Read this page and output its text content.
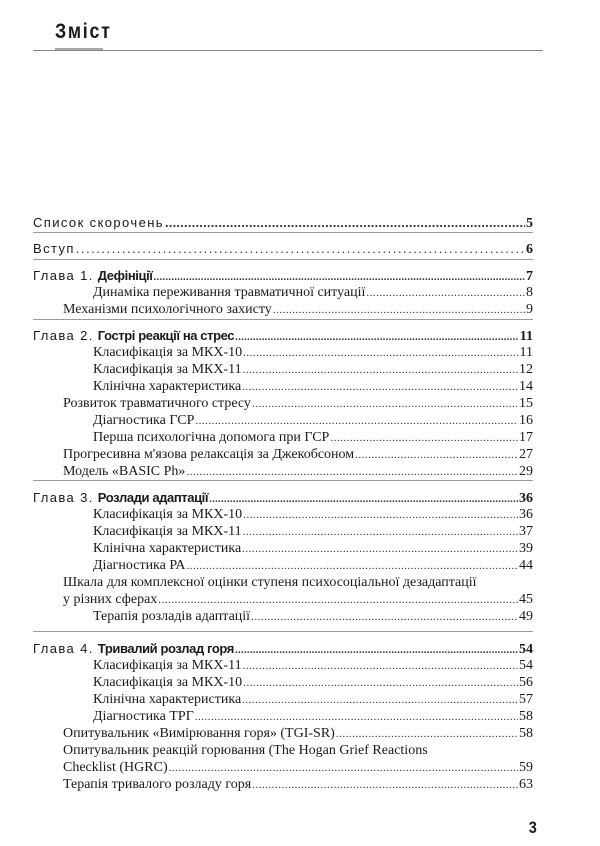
Зміст
Список скорочень .....	5
Вступ .....	6
Глава 1. Дефініції .....	7
Динаміка переживання травматичної ситуації .....	8
Механізми психологічного захисту .....	9
Глава 2. Гострі реакції на стрес .....	11
Класифікація за МКХ-10 .....	11
Класифікація за МКХ-11 .....	12
Клінічна характеристика .....	14
Розвиток травматичного стресу .....	15
Діагностика ГСР .....	16
Перша психологічна допомога при ГСР .....	17
Прогресивна м'язова релаксація за Джекобсоном .....	27
Модель «BASIC Ph» .....	29
Глава 3. Розлади адаптації .....	36
Класифікація за МКХ-10 .....	36
Класифікація за МКХ-11 .....	37
Клінічна характеристика .....	39
Діагностика РА .....	44
Шкала для комплексної оцінки ступеня психосоціальної дезадаптації
у різних сферах .....	45
Терапія розладів адаптації .....	49
Глава 4. Тривалий розлад горя .....	54
Класифікація за МКХ-11 .....	54
Класифікація за МКХ-10 .....	56
Клінічна характеристика .....	57
Діагностика ТРГ .....	58
Опитувальник «Вимірювання горя» (TGI-SR) .....	58
Опитувальник реакцій горювання (The Hogan Grief Reactions
Checklist (HGRC) .....	59
Терапія тривалого розладу горя .....	63
3
